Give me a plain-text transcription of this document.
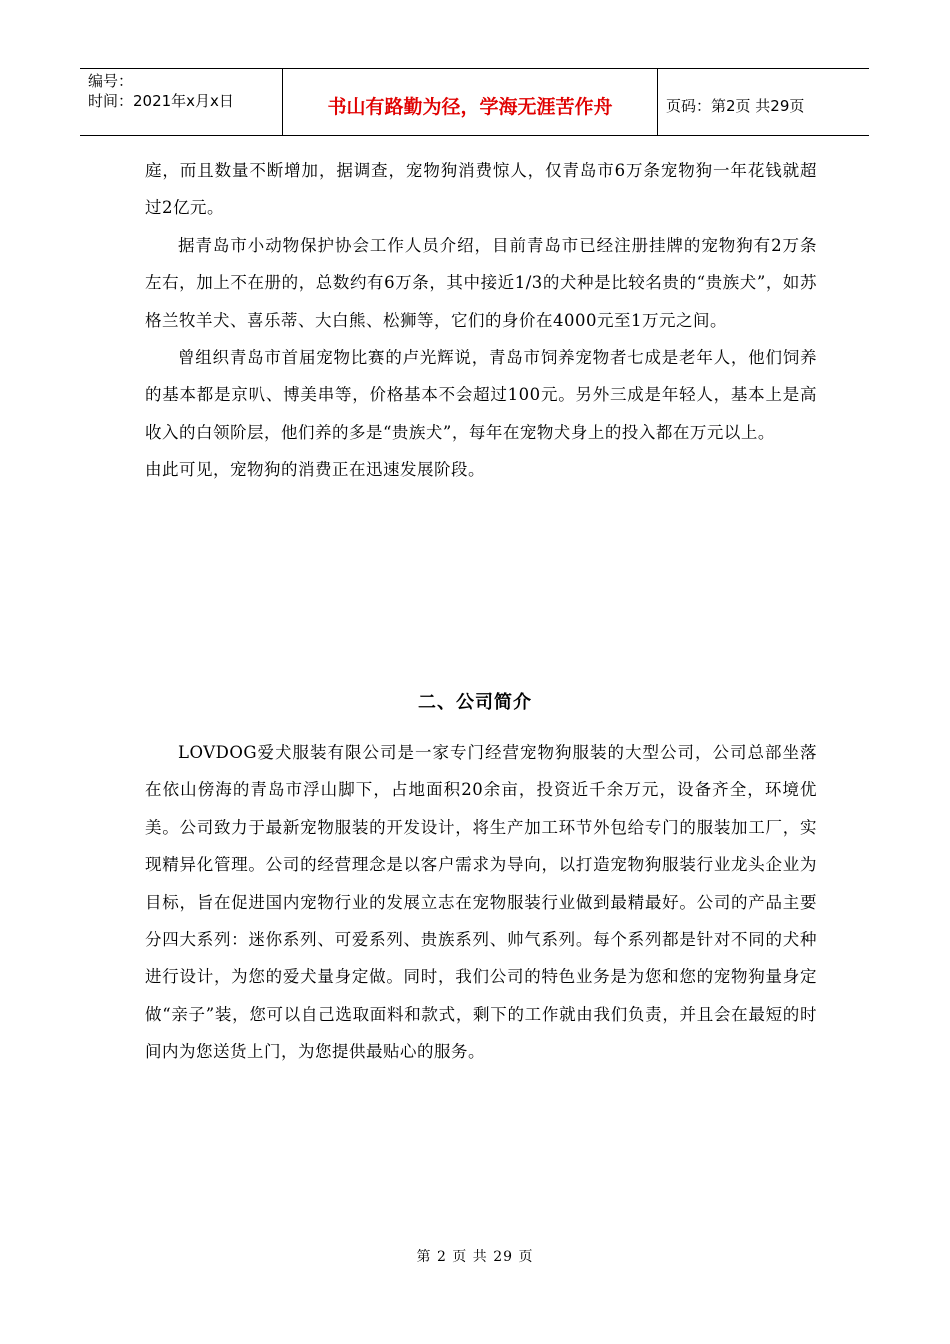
编号：
时间：2021年x月x日	书山有路勤为径，学海无涯苦作舟	页码：第2页 共29页

庭，而且数量不断增加，据调查，宠物狗消费惊人，仅青岛市6万条宠物狗一年花钱就超过2亿元。

据青岛市小动物保护协会工作人员介绍，目前青岛市已经注册挂牌的宠物狗有2万条左右，加上不在册的，总数约有6万条，其中接近1/3的犬种是比较名贵的“贵族犬”，如苏格兰牧羊犬、喜乐蒂、大白熊、松狮等，它们的身价在4000元至1万元之间。

曾组织青岛市首届宠物比赛的卢光辉说，青岛市饲养宠物者七成是老年人，他们饲养的基本都是京叭、博美串等，价格基本不会超过100元。另外三成是年轻人，基本上是高收入的白领阶层，他们养的多是“贵族犬”，每年在宠物犬身上的投入都在万元以上。

由此可见，宠物狗的消费正在迅速发展阶段。

二、公司简介

LOVDOG爱犬服装有限公司是一家专门经营宠物狗服装的大型公司，公司总部坐落在依山傍海的青岛市浮山脚下，占地面积20余亩，投资近千余万元，设备齐全，环境优美。公司致力于最新宠物服装的开发设计，将生产加工环节外包给专门的服装加工厂，实现精异化管理。公司的经营理念是以客户需求为导向，以打造宠物狗服装行业龙头企业为目标，旨在促进国内宠物行业的发展立志在宠物服装行业做到最精最好。公司的产品主要分四大系列：迷你系列、可爱系列、贵族系列、帅气系列。每个系列都是针对不同的犬种进行设计，为您的爱犬量身定做。同时，我们公司的特色业务是为您和您的宠物狗量身定做“亲子”装，您可以自己选取面料和款式，剩下的工作就由我们负责，并且会在最短的时间内为您送货上门，为您提供最贴心的服务。

第 2 页 共 29 页
